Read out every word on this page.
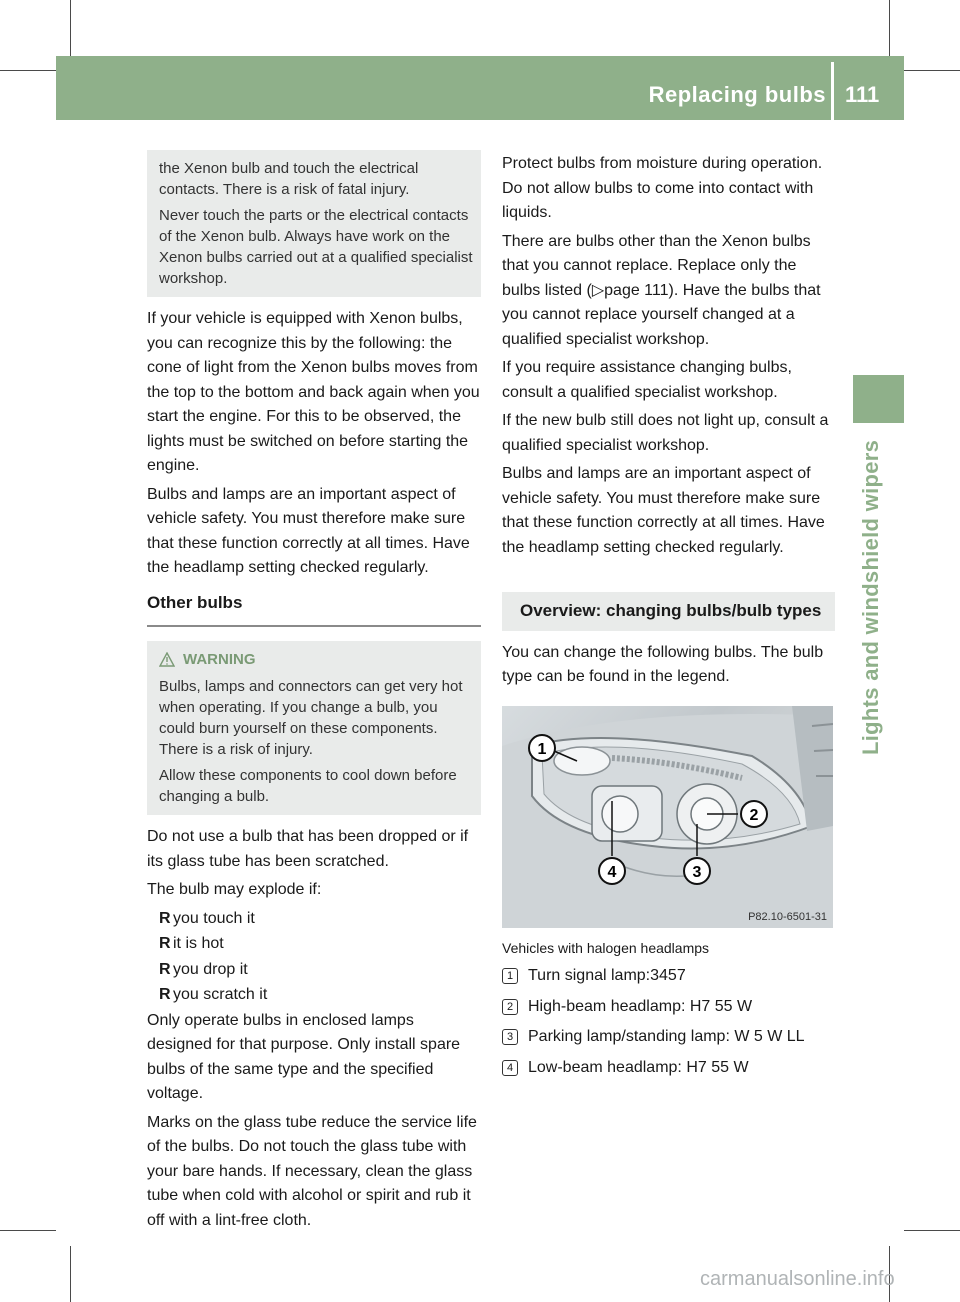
Replacing bulbs 111
Lights and windshield wipers

the Xenon bulb and touch the electrical contacts. There is a risk of fatal injury.

Never touch the parts or the electrical contacts of the Xenon bulb. Always have work on the Xenon bulbs carried out at a qualified specialist workshop.

If your vehicle is equipped with Xenon bulbs, you can recognize this by the following: the cone of light from the Xenon bulbs moves from the top to the bottom and back again when you start the engine. For this to be observed, the lights must be switched on before starting the engine.

Bulbs and lamps are an important aspect of vehicle safety. You must therefore make sure that these function correctly at all times. Have the headlamp setting checked regularly.

Other bulbs
WARNING

Bulbs, lamps and connectors can get very hot when operating. If you change a bulb, you could burn yourself on these components. There is a risk of injury.

Allow these components to cool down before changing a bulb.

Do not use a bulb that has been dropped or if its glass tube has been scratched.

The bulb may explode if:

R you touch it
R it is hot
R you drop it
R you scratch it

Only operate bulbs in enclosed lamps designed for that purpose. Only install spare bulbs of the same type and the specified voltage.

Marks on the glass tube reduce the service life of the bulbs. Do not touch the glass tube with your bare hands. If necessary, clean the glass tube when cold with alcohol or spirit and rub it off with a lint-free cloth.

Protect bulbs from moisture during operation. Do not allow bulbs to come into contact with liquids.

There are bulbs other than the Xenon bulbs that you cannot replace. Replace only the bulbs listed (▷page 111). Have the bulbs that you cannot replace yourself changed at a qualified specialist workshop.

If you require assistance changing bulbs, consult a qualified specialist workshop.

If the new bulb still does not light up, consult a qualified specialist workshop.

Bulbs and lamps are an important aspect of vehicle safety. You must therefore make sure that these function correctly at all times. Have the headlamp setting checked regularly.

Overview: changing bulbs/bulb types

You can change the following bulbs. The bulb type can be found in the legend.

1
2
3
4
P82.10-6501-31
Vehicles with halogen headlamps
1 Turn signal lamp:3457
2 High-beam headlamp: H7 55 W
3 Parking lamp/standing lamp: W 5 W LL
4 Low-beam headlamp: H7 55 W
carmanualsonline.info
